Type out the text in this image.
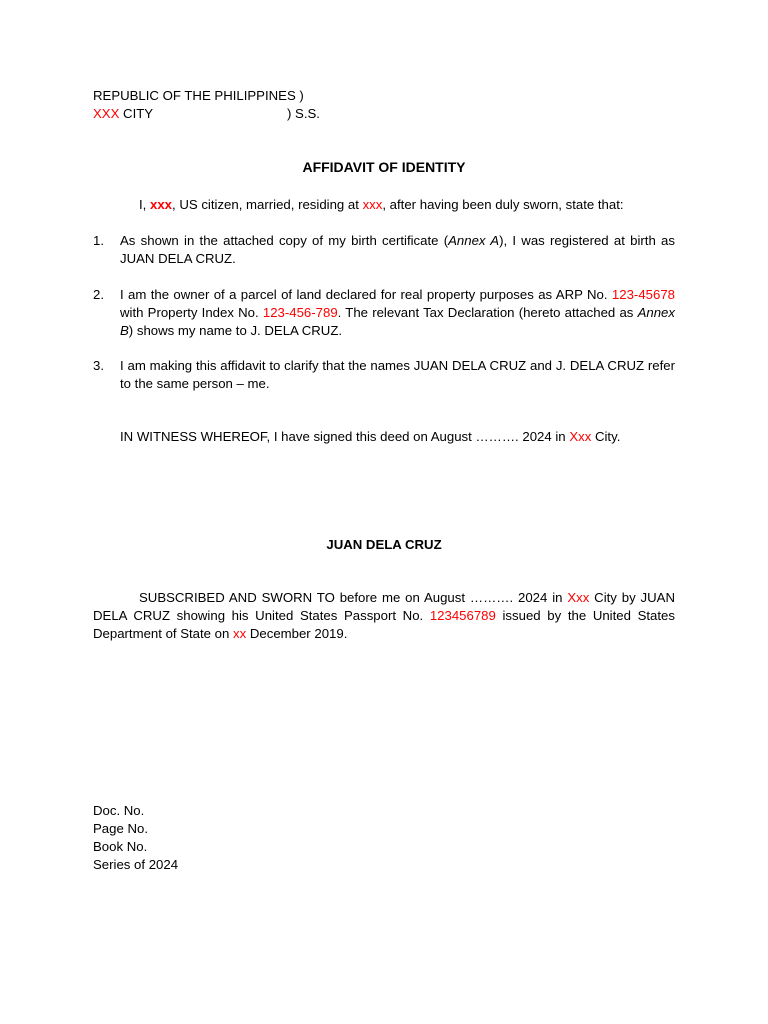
REPUBLIC OF THE PHILIPPINES )
XXX CITY	) S.S.
AFFIDAVIT OF IDENTITY
I, xxx, US citizen, married, residing at xxx, after having been duly sworn, state that:
1.	As shown in the attached copy of my birth certificate (Annex A), I was registered at birth as JUAN DELA CRUZ.
2.	I am the owner of a parcel of land declared for real property purposes as ARP No. 123-45678 with Property Index No. 123-456-789. The relevant Tax Declaration (hereto attached as Annex B) shows my name to J. DELA CRUZ.
3.	I am making this affidavit to clarify that the names JUAN DELA CRUZ and J. DELA CRUZ refer to the same person – me.
IN WITNESS WHEREOF, I have signed this deed on August ………. 2024 in Xxx City.
JUAN DELA CRUZ
SUBSCRIBED AND SWORN TO before me on August ………. 2024 in Xxx City by JUAN DELA CRUZ showing his United States Passport No. 123456789 issued by the United States Department of State on xx December 2019.
Doc. No.
Page No.
Book No.
Series of 2024
